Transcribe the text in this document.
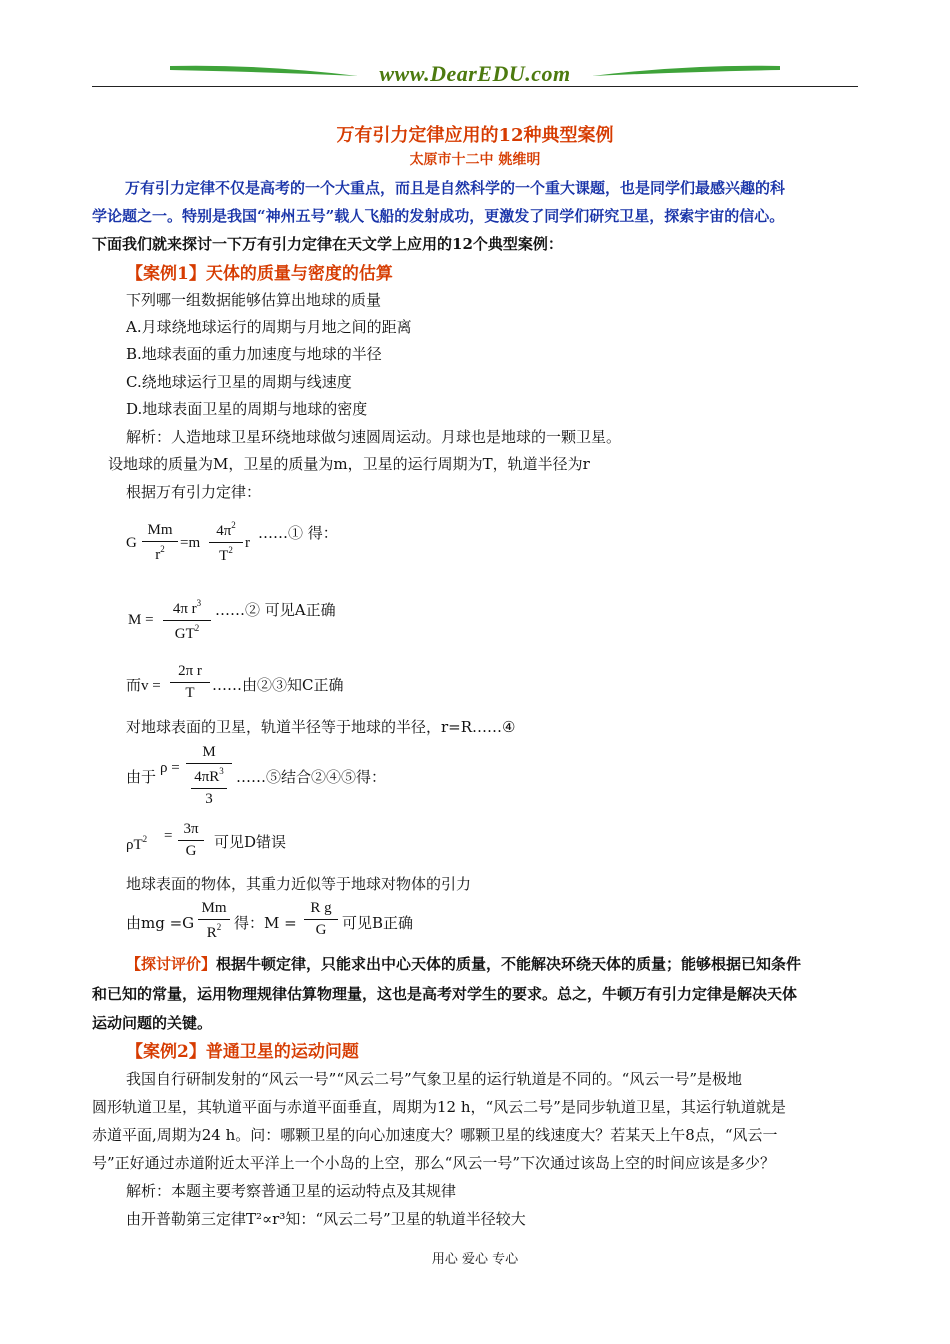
www.DearEDU.com
万有引力定律应用的12种典型案例
太原市十二中 姚维明
万有引力定律不仅是高考的一个大重点，而且是自然科学的一个重大课题，也是同学们最感兴趣的科
学论题之一。特别是我国“神州五号”载人飞船的发射成功，更激发了同学们研究卫星，探索宇宙的信心。
下面我们就来探讨一下万有引力定律在天文学上应用的12个典型案例：
【案例1】天体的质量与密度的估算
下列哪一组数据能够估算出地球的质量
A.月球绕地球运行的周期与月地之间的距离
B.地球表面的重力加速度与地球的半径
C.绕地球运行卫星的周期与线速度
D.地球表面卫星的周期与地球的密度
解析：人造地球卫星环绕地球做匀速圆周运动。月球也是地球的一颗卫星。
设地球的质量为M，卫星的质量为m，卫星的运行周期为T，轨道半径为r
根据万有引力定律：
G
Mm
$r^2$	=m
$4\pi^2$
$T^2$ r
……① 得：
M =
4π $r^3$
$GT^2$
……② 可见A正确
而v =
2π r
T	……由②③知C正确
对地球表面的卫星，轨道半径等于地球的半径，r=R……④
由于 ρ =
M
$4\pi R^3$
3
……⑤结合②④⑤得：
$\rho T^2 = 3\pi$
G	可见D错误
地球表面的物体，其重力近似等于地球对物体的引力
由mg =G
Mm
$R^2$ 得：M =
R g
G	可见B正确
【探讨评价】根据牛顿定律，只能求出中心天体的质量，不能解决环绕天体的质量；能够根据已知条件
和已知的常量，运用物理规律估算物理量，这也是高考对学生的要求。总之，牛顿万有引力定律是解决天体
运动问题的关键。
【案例2】普通卫星的运动问题
我国自行研制发射的“风云一号”“风云二号”气象卫星的运行轨道是不同的。“风云一号”是极地
圆形轨道卫星，其轨道平面与赤道平面垂直，周期为12 h，“风云二号”是同步轨道卫星，其运行轨道就是
赤道平面,周期为24 h。问：哪颗卫星的向心加速度大？哪颗卫星的线速度大？若某天上午8点，“风云一
号”正好通过赤道附近太平洋上一个小岛的上空，那么“风云一号”下次通过该岛上空的时间应该是多少？
解析：本题主要考察普通卫星的运动特点及其规律
由开普勒第三定律T²∝r³知：“风云二号”卫星的轨道半径较大
用心 爱心 专心
